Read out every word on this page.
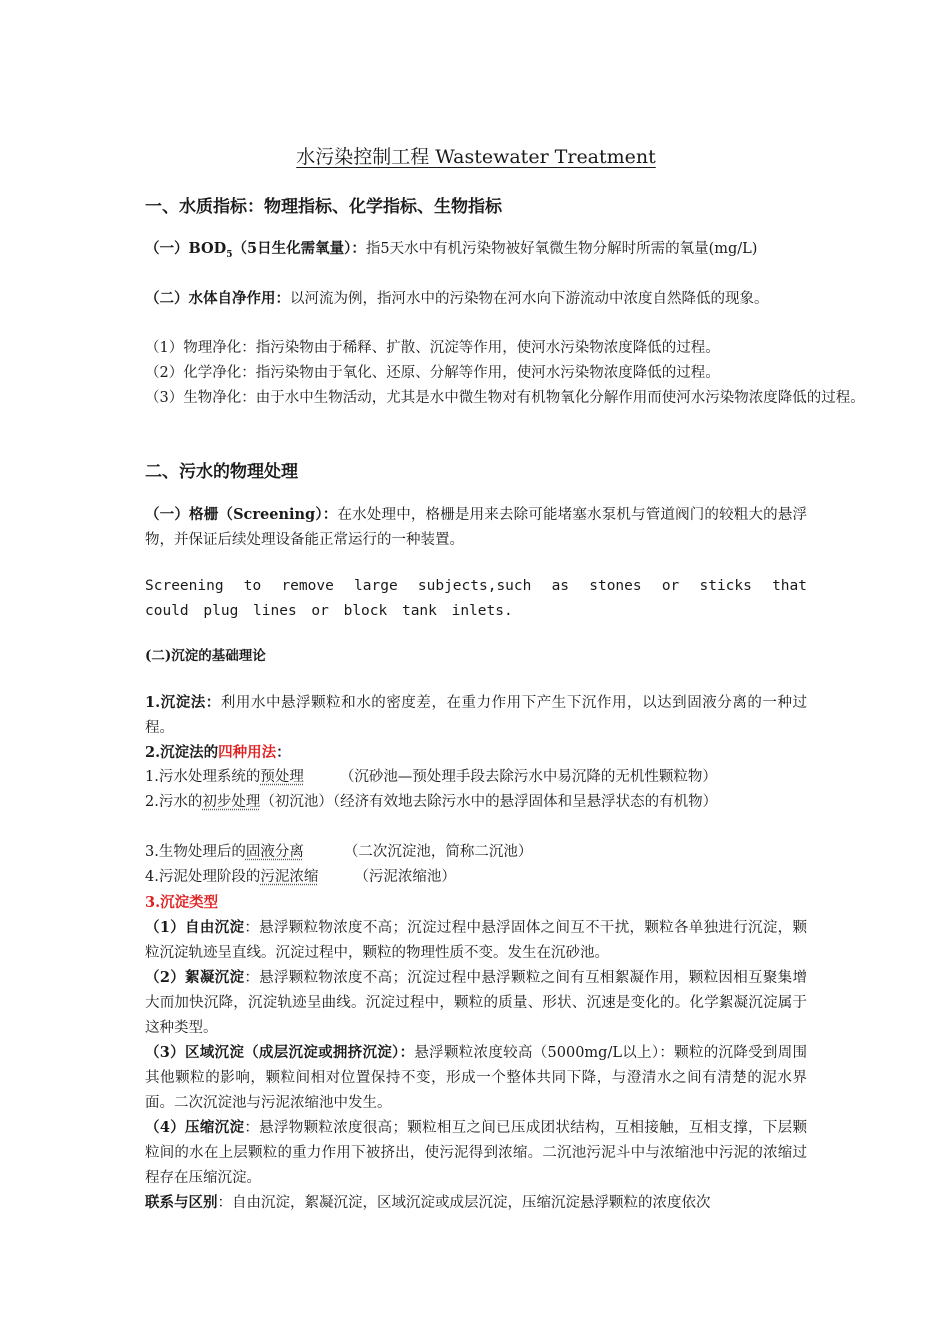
水污染控制工程 Wastewater Treatment
一、水质指标：物理指标、化学指标、生物指标
（一）$BOD_5(5$日生化需氧量）：指5天水中有机污染物被好氧微生物分解时所需的氧量(mg/L)
（二）水体自净作用：以河流为例，指河水中的污染物在河水向下游流动中浓度自然降低的现象。
（1）物理净化：指污染物由于稀释、扩散、沉淀等作用，使河水污染物浓度降低的过程。
（2）化学净化：指污染物由于氧化、还原、分解等作用，使河水污染物浓度降低的过程。
（3）生物净化：由于水中生物活动，尤其是水中微生物对有机物氧化分解作用而使河水污染物浓度降低的过程。
二、污水的物理处理
（一）格栅（Screening）：在水处理中，格栅是用来去除可能堵塞水泵机与管道阀门的较粗大的悬浮物，并保证后续处理设备能正常运行的一种装置。
Screening to remove large subjects,such as stones or sticks that could plug lines or block tank inlets.
(二)沉淀的基础理论
1.沉淀法：利用水中悬浮颗粒和水的密度差，在重力作用下产生下沉作用，以达到固液分离的一种过程。
2.沉淀法的四种用法：
1.污水处理系统的预处理 （沉砂池—预处理手段去除污水中易沉降的无机性颗粒物）
2.污水的初步处理（初沉池）（经济有效地去除污水中的悬浮固体和呈悬浮状态的有机物）
3.生物处理后的固液分离	（二次沉淀池，简称二沉池）
4.污泥处理阶段的污泥浓缩 （污泥浓缩池）
3.沉淀类型
（1）自由沉淀：悬浮颗粒物浓度不高；沉淀过程中悬浮固体之间互不干扰，颗粒各单独进行沉淀，颗粒沉淀轨迹呈直线。沉淀过程中，颗粒的物理性质不变。发生在沉砂池。
（2）絮凝沉淀：悬浮颗粒物浓度不高；沉淀过程中悬浮颗粒之间有互相絮凝作用，颗粒因相互聚集增大而加快沉降，沉淀轨迹呈曲线。沉淀过程中，颗粒的质量、形状、沉速是变化的。化学絮凝沉淀属于这种类型。
（3）区域沉淀（成层沉淀或拥挤沉淀）：悬浮颗粒浓度较高（5000mg/L以上）：颗粒的沉降受到周围其他颗粒的影响，颗粒间相对位置保持不变，形成一个整体共同下降，与澄清水之间有清楚的泥水界面。二次沉淀池与污泥浓缩池中发生。
（4）压缩沉淀：悬浮物颗粒浓度很高；颗粒相互之间已压成团状结构，互相接触，互相支撑，下层颗粒间的水在上层颗粒的重力作用下被挤出，使污泥得到浓缩。二沉池污泥斗中与浓缩池中污泥的浓缩过程存在压缩沉淀。
联系与区别：自由沉淀，絮凝沉淀，区域沉淀或成层沉淀，压缩沉淀悬浮颗粒的浓度依次
